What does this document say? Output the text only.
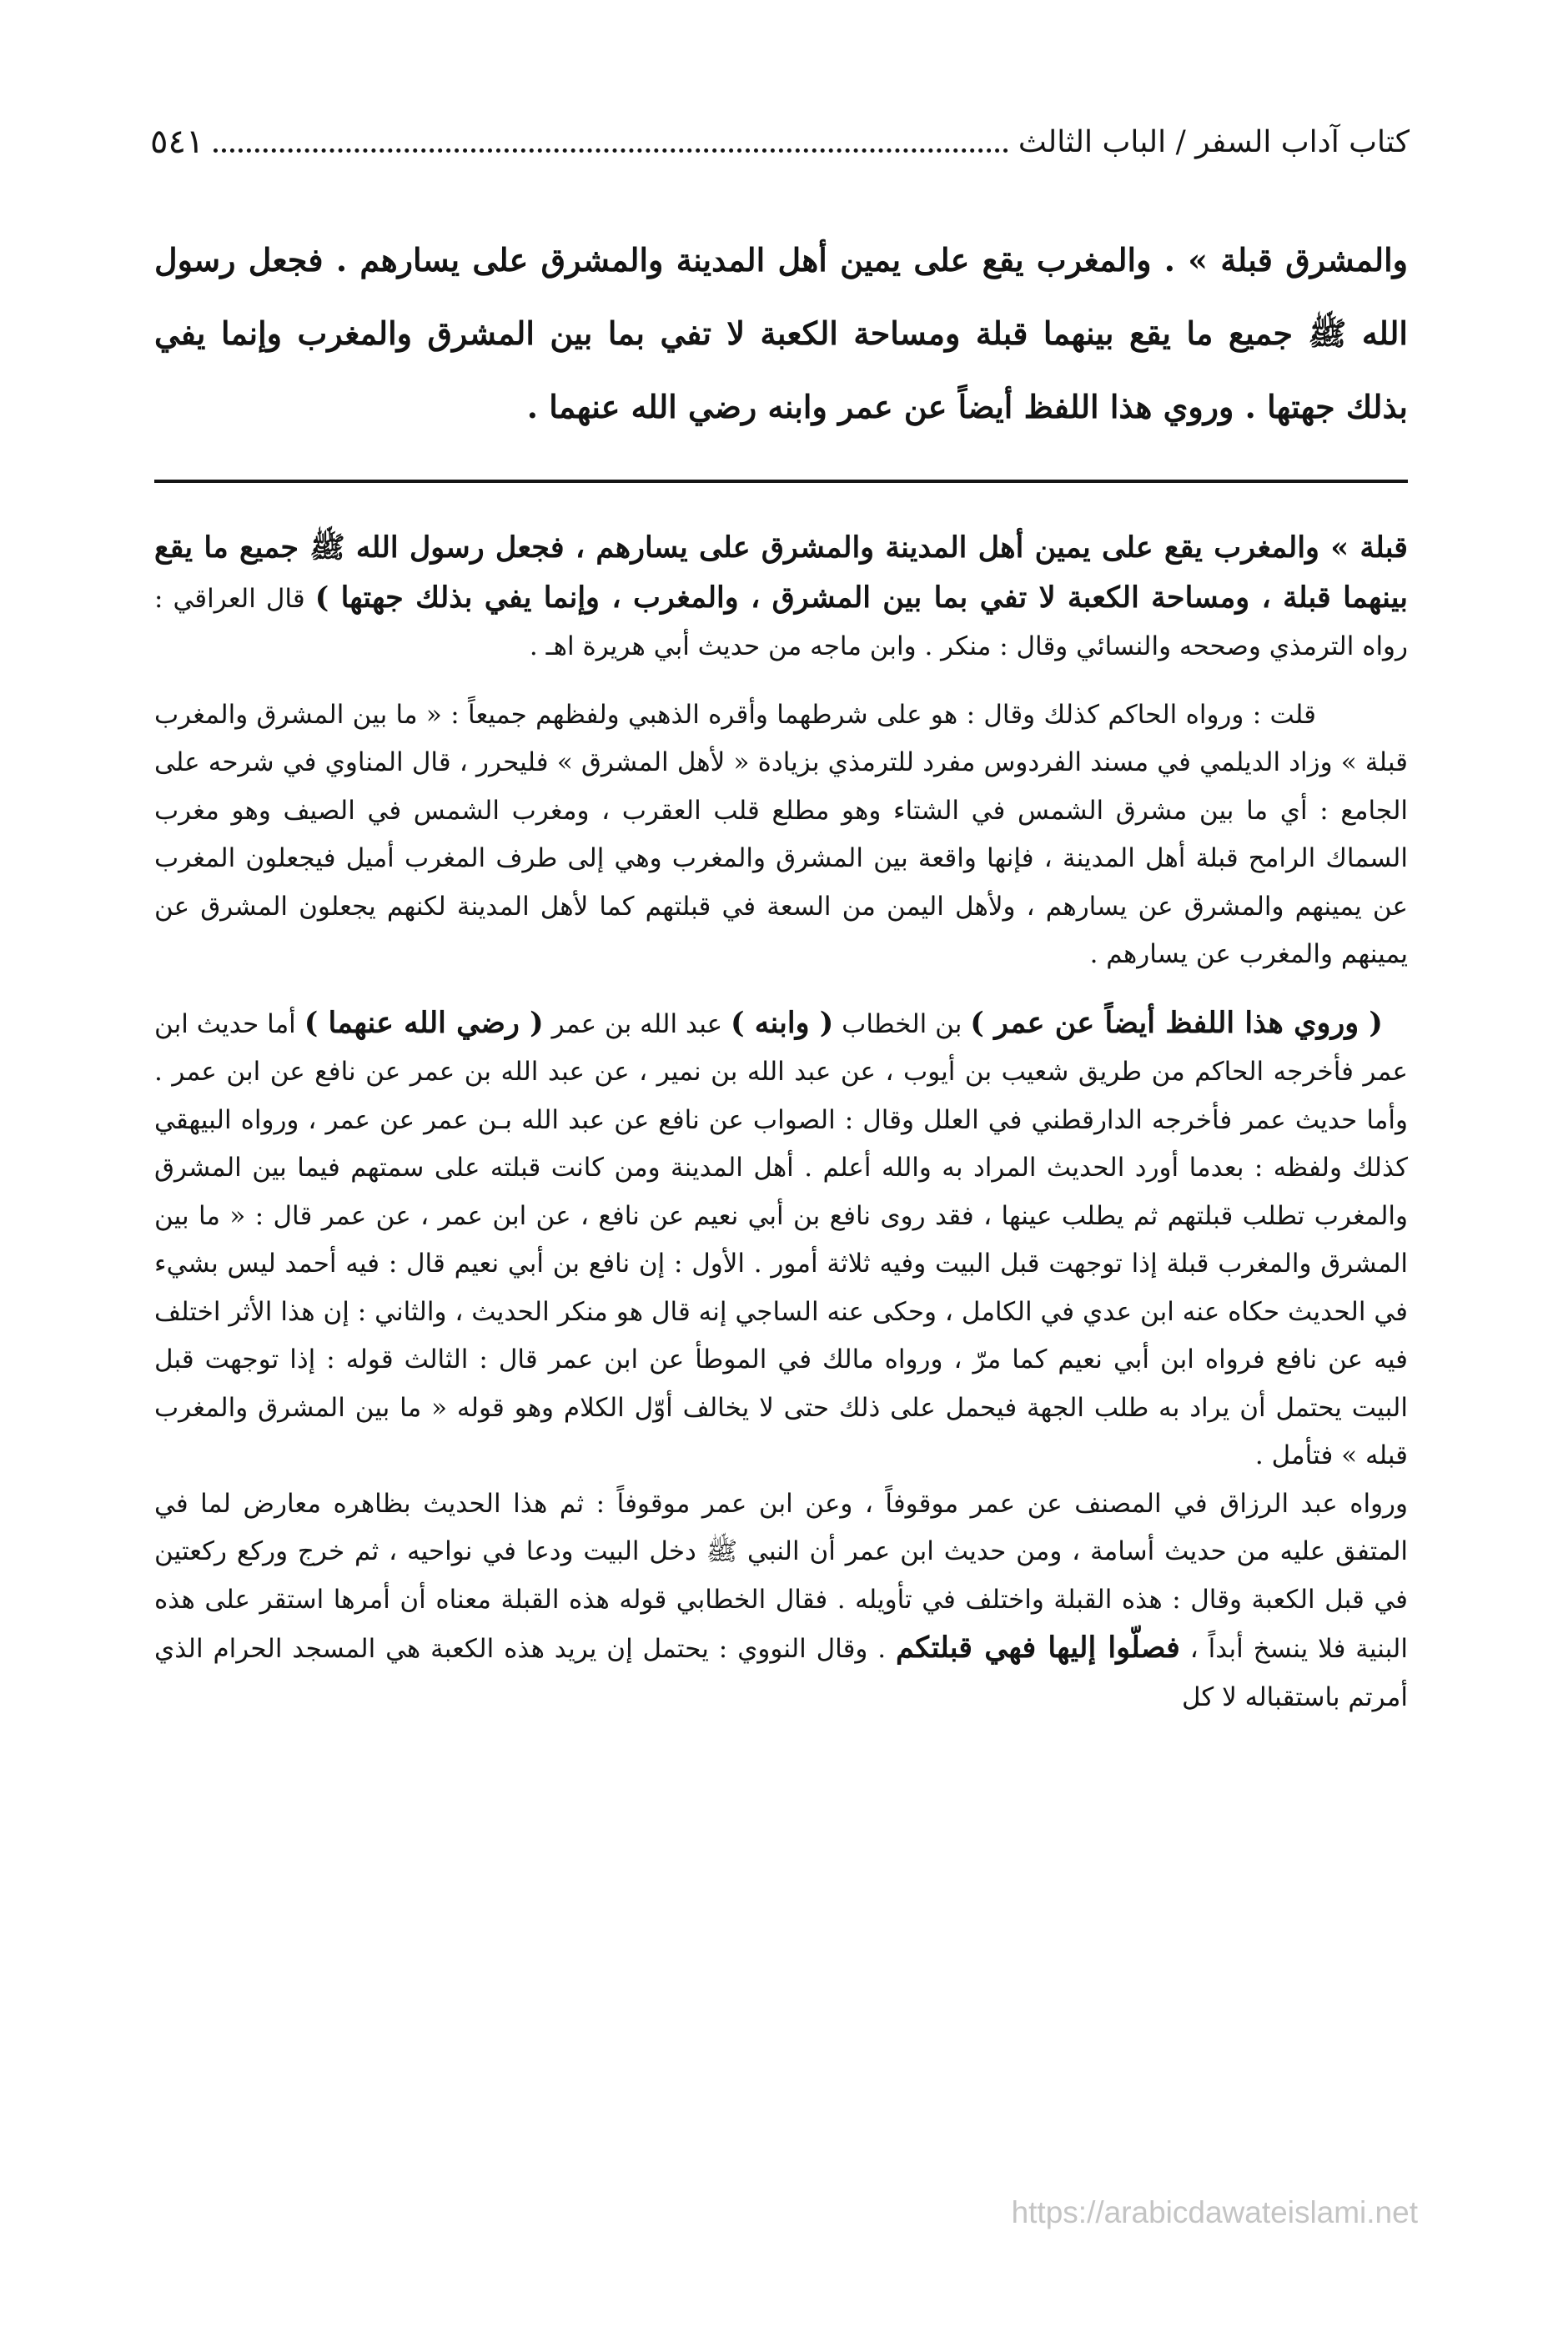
كتاب آداب السفر / الباب الثالث
٥٤١
والمشرق قبلة » . والمغرب يقع على يمين أهل المدينة والمشرق على يسارهم . فجعل رسول الله ﷺ جميع ما يقع بينهما قبلة ومساحة الكعبة لا تفي بما بين المشرق والمغرب وإنما يفي بذلك جهتها . وروي هذا اللفظ أيضاً عن عمر وابنه رضي الله عنهما .

قبلة » والمغرب يقع على يمين أهل المدينة والمشرق على يسارهم ، فجعل رسول الله ﷺ جميع ما يقع بينهما قبلة ، ومساحة الكعبة لا تفي بما بين المشرق ، والمغرب ، وإنما يفي بذلك جهتها ) قال العراقي : رواه الترمذي وصححه والنسائي وقال : منكر . وابن ماجه من حديث أبي هريرة اهـ .

قلت : ورواه الحاكم كذلك وقال : هو على شرطهما وأقره الذهبي ولفظهم جميعاً : « ما بين المشرق والمغرب قبلة » وزاد الديلمي في مسند الفردوس مفرد للترمذي بزيادة « لأهل المشرق » فليحرر ، قال المناوي في شرحه على الجامع : أي ما بين مشرق الشمس في الشتاء وهو مطلع قلب العقرب ، ومغرب الشمس في الصيف وهو مغرب السماك الرامح قبلة أهل المدينة ، فإنها واقعة بين المشرق والمغرب وهي إلى طرف المغرب أميل فيجعلون المغرب عن يمينهم والمشرق عن يسارهم ، ولأهل اليمن من السعة في قبلتهم كما لأهل المدينة لكنهم يجعلون المشرق عن يمينهم والمغرب عن يسارهم .

( وروي هذا اللفظ أيضاً عن عمر ) بن الخطاب ( وابنه ) عبد الله بن عمر ( رضي الله عنهما ) أما حديث ابن عمر فأخرجه الحاكم من طريق شعيب بن أيوب ، عن عبد الله بن نمير ، عن عبد الله بن عمر عن نافع عن ابن عمر . وأما حديث عمر فأخرجه الدارقطني في العلل وقال : الصواب عن نافع عن عبد الله بـن عمر عن عمر ، ورواه البيهقي كذلك ولفظه : بعدما أورد الحديث المراد به والله أعلم . أهل المدينة ومن كانت قبلته على سمتهم فيما بين المشرق والمغرب تطلب قبلتهم ثم يطلب عينها ، فقد روى نافع بن أبي نعيم عن نافع ، عن ابن عمر ، عن عمر قال : « ما بين المشرق والمغرب قبلة إذا توجهت قبل البيت وفيه ثلاثة أمور . الأول : إن نافع بن أبي نعيم قال : فيه أحمد ليس بشيء في الحديث حكاه عنه ابن عدي في الكامل ، وحكى عنه الساجي إنه قال هو منكر الحديث ، والثاني : إن هذا الأثر اختلف فيه عن نافع فرواه ابن أبي نعيم كما مرّ ، ورواه مالك في الموطأ عن ابن عمر قال : الثالث قوله : إذا توجهت قبل البيت يحتمل أن يراد به طلب الجهة فيحمل على ذلك حتى لا يخالف أوّل الكلام وهو قوله « ما بين المشرق والمغرب قبله » فتأمل .

ورواه عبد الرزاق في المصنف عن عمر موقوفاً ، وعن ابن عمر موقوفاً : ثم هذا الحديث بظاهره معارض لما في المتفق عليه من حديث أسامة ، ومن حديث ابن عمر أن النبي ﷺ دخل البيت ودعا في نواحيه ، ثم خرج وركع ركعتين في قبل الكعبة وقال : هذه القبلة واختلف في تأويله . فقال الخطابي قوله هذه القبلة معناه أن أمرها استقر على هذه البنية فلا ينسخ أبداً ، فصلّوا إليها فهي قبلتكم . وقال النووي : يحتمل إن يريد هذه الكعبة هي المسجد الحرام الذي أمرتم باستقباله لا كل

https://arabicdawateislami.net
